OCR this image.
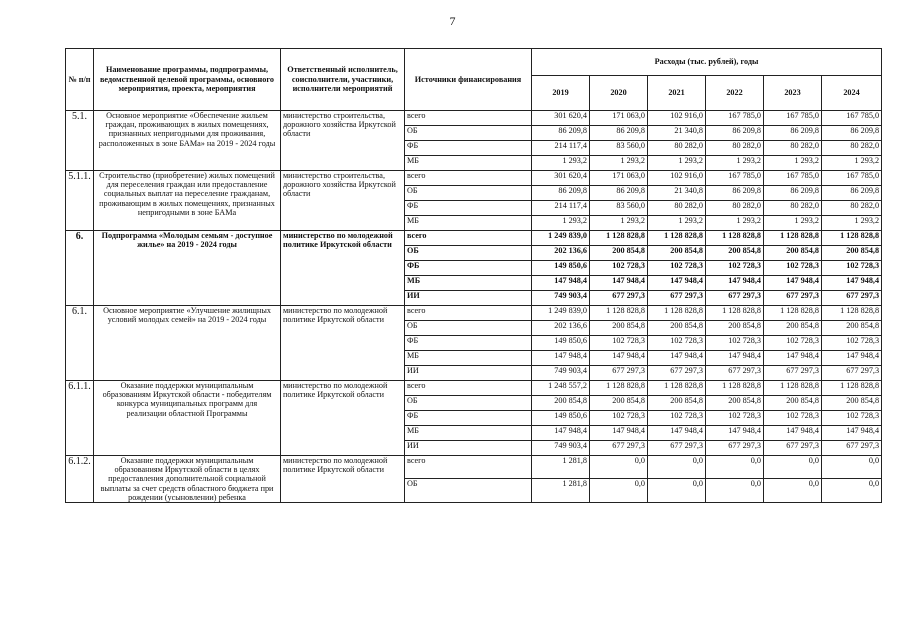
7
№ п/п	Наименование программы, подпрограммы, ведомственной целевой программы, основного мероприятия, проекта, мероприятия	Ответственный исполнитель, соисполнители, участники, исполнители мероприятий	Источники финансирования	Расходы (тыс. рублей), годы					
				2019	2020	2021	2022	2023	2024
5.1.	Основное мероприятие «Обеспечение жильем граждан, проживающих в жилых помещениях, признанных непригодными для проживания, расположенных в зоне БАМа» на 2019 - 2024 годы	министерство строительства, дорожного хозяйства Иркутской области	всего	301 620,4	171 063,0	102 916,0	167 785,0	167 785,0	167 785,0
			ОБ	86 209,8	86 209,8	21 340,8	86 209,8	86 209,8	86 209,8
			ФБ	214 117,4	83 560,0	80 282,0	80 282,0	80 282,0	80 282,0
			МБ	1 293,2	1 293,2	1 293,2	1 293,2	1 293,2	1 293,2
5.1.1.	Строительство (приобретение) жилых помещений для переселения граждан или предоставление социальных выплат на переселение гражданам, проживающим в жилых помещениях, признанных непригодными в зоне БАМа	министерство строительства, дорожного хозяйства Иркутской области	всего	301 620,4	171 063,0	102 916,0	167 785,0	167 785,0	167 785,0
			ОБ	86 209,8	86 209,8	21 340,8	86 209,8	86 209,8	86 209,8
			ФБ	214 117,4	83 560,0	80 282,0	80 282,0	80 282,0	80 282,0
			МБ	1 293,2	1 293,2	1 293,2	1 293,2	1 293,2	1 293,2
6.	Подпрограмма «Молодым семьям - доступное жилье» на 2019 - 2024 годы	министерство по молодежной политике Иркутской области	всего	1 249 839,0	1 128 828,8	1 128 828,8	1 128 828,8	1 128 828,8	1 128 828,8
			ОБ	202 136,6	200 854,8	200 854,8	200 854,8	200 854,8	200 854,8
			ФБ	149 850,6	102 728,3	102 728,3	102 728,3	102 728,3	102 728,3
			МБ	147 948,4	147 948,4	147 948,4	147 948,4	147 948,4	147 948,4
			ИИ	749 903,4	677 297,3	677 297,3	677 297,3	677 297,3	677 297,3
6.1.	Основное мероприятие «Улучшение жилищных условий молодых семей» на 2019 - 2024 годы	министерство по молодежной политике Иркутской области	всего	1 249 839,0	1 128 828,8	1 128 828,8	1 128 828,8	1 128 828,8	1 128 828,8
			ОБ	202 136,6	200 854,8	200 854,8	200 854,8	200 854,8	200 854,8
			ФБ	149 850,6	102 728,3	102 728,3	102 728,3	102 728,3	102 728,3
			МБ	147 948,4	147 948,4	147 948,4	147 948,4	147 948,4	147 948,4
			ИИ	749 903,4	677 297,3	677 297,3	677 297,3	677 297,3	677 297,3
6.1.1.	Оказание поддержки муниципальным образованиям Иркутской области - победителям конкурса муниципальных программ для реализации областной Программы	министерство по молодежной политике Иркутской области	всего	1 248 557,2	1 128 828,8	1 128 828,8	1 128 828,8	1 128 828,8	1 128 828,8
			ОБ	200 854,8	200 854,8	200 854,8	200 854,8	200 854,8	200 854,8
			ФБ	149 850,6	102 728,3	102 728,3	102 728,3	102 728,3	102 728,3
			МБ	147 948,4	147 948,4	147 948,4	147 948,4	147 948,4	147 948,4
			ИИ	749 903,4	677 297,3	677 297,3	677 297,3	677 297,3	677 297,3
6.1.2.	Оказание поддержки муниципальным образованиям Иркутской области в целях предоставления дополнительной социальной выплаты за счет средств областного бюджета при рождении (усыновлении) ребенка	министерство по молодежной политике Иркутской области	всего	1 281,8	0,0	0,0	0,0	0,0	0,0
			ОБ	1 281,8	0,0	0,0	0,0	0,0	0,0
